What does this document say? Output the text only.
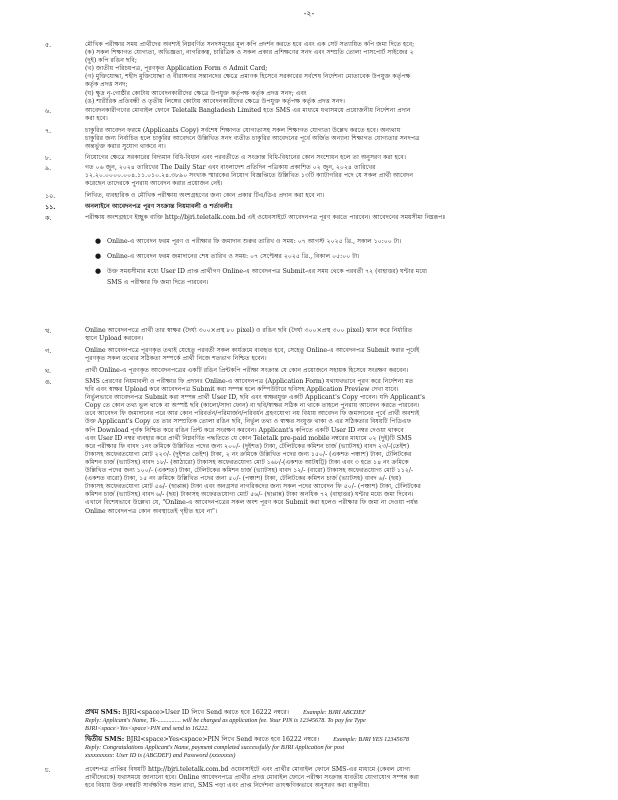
-২-
৫.	মৌখিক পরীক্ষার সময় প্রার্থীদের অবশ্যই নিম্নবর্ণিত সনদসমূহের মূল কপি প্রদর্শন করতে হবে এবং এক সেট সত্যায়িত কপি জমা দিতে হবে;
(ক) সকল শিক্ষাগত যোগ্যতা, অভিজ্ঞতা, নাগরিকত্ব, চারিত্রিক ও সকল প্রকার প্রশিক্ষণের সনদ এবং সম্প্রতি তোলা পাসপোর্ট সাইজের ২
(দুই) কপি রঙিন ছবি;
(খ) জাতীয় পরিচয়পত্র, পূরণকৃত Application Form ও Admit Card;
(গ) মুক্তিযোদ্ধা, শহীদ মুক্তিযোদ্ধা ও বীরাঙ্গনার সন্তানদের ক্ষেত্রে প্রমাণক হিসেবে সরকারের সর্বশেষ নির্দেশনা মোতাবেক উপযুক্ত কর্তৃপক্ষ
কর্তৃক প্রদত্ত সনদ;
(ঘ) ক্ষুদ্র নৃ-গোষ্ঠীর কোটায় আবেদনকারীদের ক্ষেত্রে উপযুক্ত কর্তৃপক্ষ কর্তৃক প্রদত্ত সনদ; এবং
(ঙ) শারীরিক প্রতিবন্ধী ও তৃতীয় লিঙ্গের কোটায় আবেদনকারীদের ক্ষেত্রে উপযুক্ত কর্তৃপক্ষ কর্তৃক প্রদত্ত সনদ।
৬.	আবেদনকারীগণের মোবাইল ফোনে Teletalk Bangladesh Limited হতে SMS এর মাধ্যমে যথাসময়ে প্রয়োজনীয় নির্দেশনা প্রদান
করা হবে।
৭.	চাকুরির আবেদন ফরমে (Applicants Copy) সর্বশেষ শিক্ষাগত যোগ্যতাসহ সকল শিক্ষাগত যোগ্যতা উল্লেখ করতে হবে। অন্যথায়
চাকুরির জন্য নির্বাচিত হলে চাকুরির আবেদনে উল্লিখিত সনদ ব্যতীত চাকুরির আবেদনের পূর্বে অর্জিত অন্যান্য শিক্ষাগত যোগ্যতার সনদপত্র
অন্তর্ভুক্ত করার সুযোগ থাকবে না।
৮.	নিয়োগের ক্ষেত্রে সরকারের বিদ্যমান বিধি-বিধান এবং পরবর্তীতে এ সংক্রান্ত বিধি-বিধানের কোন সংশোধন হলে তা অনুসরণ করা হবে।
৯.	গত ০৬ জুন, ২০২৪ তারিখের The Daily Star এবং বাংলাদেশ প্রতিদিন পত্রিকায় প্রকাশিত ০২ জুন, ২০২৪ তারিখের
১২.২০.০০০০.০০৪.১১.০১০.২৪.৩৮৯০ সংখ্যক স্মারকের নিয়োগ বিজ্ঞপ্তিতে উল্লিখিত ১৩টি ক্যাটাগরির পদে যে সকল প্রার্থী আবেদন
করেছেন তাদেরকে পুনরায় আবেদন করার প্রয়োজন নেই।
১০.	লিখিত, ব্যবহারিক ও মৌখিক পরীক্ষায় অংশগ্রহণের জন্য কোন প্রকার টিএ/ডিএ প্রদান করা হবে না।
১১.	অনলাইনে আবেদনপত্র পূরণ সংক্রান্ত নিয়মাবলী ও শর্তাবলীঃ
ক.	পরীক্ষায় অংশগ্রহণে ইচ্ছুক ব্যক্তি http://bjri.teletalk.com.bd এই ওয়েবসাইটে আবেদনপত্র পূরণ করতে পারবেন। আবেদনের সময়সীমা নিম্নরূপঃ
খ.	Online আবেদনপত্রে প্রার্থী তার স্বাক্ষর (দৈর্ঘ্য ৩০০×প্রস্থ ৮০ pixel) ও রঙিন ছবি (দৈর্ঘ্য ৩০০×প্রস্থ ৩০০ pixel) স্ক্যান করে নির্ধারিত
স্থানে Upload করবেন।
গ.	Online আবেদনপত্রে পূরণকৃত তথ্যই যেহেতু পরবর্তী সকল কার্যক্রমে ব্যবহৃত হবে, সেহেতু Online-এ আবেদনপত্র Submit করার পূর্বেই
পূরণকৃত সকল তথ্যের সঠিকতা সম্পর্কে প্রার্থী নিজে শতভাগ নিশ্চিত হবেন।
ঘ.	প্রার্থী Online-এ পূরণকৃত আবেদনপত্রের একটি রঙিন প্রিন্টকপি পরীক্ষা সংক্রান্ত যে কোন প্রয়োজনে সহায়ক হিসেবে সংরক্ষণ করবেন।
ঙ.	SMS প্রেরণের নিয়মাবলী ও পরীক্ষার ফি প্রদানঃ Online-এ আবেদনপত্র (Application Form) যথাযথভাবে পূরণ করে নির্দেশনা মত
ছবি এবং স্বাক্ষর Upload করে আবেদনপত্র Submit করা সম্পন্ন হলে কম্পিউটারে ছবিসহ Application Preview দেখা যাবে।
নির্ভুলভাবে আবেদনপত্র Submit করা সম্পন্ন প্রার্থী User ID, ছবি এবং স্বাক্ষরযুক্ত একটি Applicant's Copy পাবেন। যদি Applicant's
Copy তে কোন তথ্য ভুল থাকে বা অস্পষ্ট ছবি (কালো/সাদা ফোন) বা ছবি/স্বাক্ষর সঠিক না থাকে তাহলে পুনরায় আবেদন করতে পারবেন।
তবে আবেদন ফি জমাদানের পরে আর কোন পরিবর্তন/পরিমার্জন/পরিবর্ধন গ্রহণযোগ্য নয় বিধায় আবেদন ফি জমাদানের পূর্বে প্রার্থী অবশ্যই
উক্ত Applicant's Copy তে তার সাম্প্রতিক তোলা রঙিন ছবি, নির্ভুল তথ্য ও স্বাক্ষর সংযুক্ত থাকা ও এর সঠিকতার বিষয়টি পিডিএফ
কপি Download পূর্বক নিশ্চিত করে রঙিন প্রিন্ট করে সংরক্ষণ করবেন। Applicant's কপিতে একটি User ID নম্বর দেওয়া থাকবে
এবং User ID নম্বর ব্যবহার করে প্রার্থী নিম্নবর্ণিত পদ্ধতিতে যে কোন Teletalk pre-paid mobile নম্বরের মাধ্যমে ০২ (দুই)টি SMS
করে পরীক্ষার ফি বাবদ ১নং ক্রমিকে উল্লিখিত পদের জন্য ২০০/- (দুইশত) টাকা, টেলিটকের কমিশন চার্জ (ভ্যাটসহ) বাবদ ২৩/-(তেইশ)
টাকাসহ অফেরতযোগ্য মোট ২২৩/- (দুইশত তেইশ) টাকা, ২ নং ক্রমিকে উল্লিখিত পদের জন্য ১৫০/- (একশত পঞ্চাশ) টাকা, টেলিটকের
কমিশন চার্জ (ভ্যাটসহ) বাবদ ১৮/- (আঠারো) টাকাসহ অফেরতযোগ্য মোট ১৬৮/-(একশত আটষট্টি) টাকা এবং ৩ হতে ১৪ নং ক্রমিকে
উল্লিখিত পদের জন্য ১০০/- (একশত) টাকা, টেলিটকের কমিশন চার্জ (ভ্যাটসহ) বাবদ ১২/- (বারো) টাকাসহ অফেরতযোগ্য মোট ১১২/-
(একশত বারো) টাকা, ১৫ নং ক্রমিকে উল্লিখিত পদের জন্য ৫০/- (পঞ্চাশ) টাকা, টেলিটকের কমিশন চার্জ (ভ্যাটসহ) বাবদ ৬/- (ছয়)
টাকাসহ অফেরতযোগ্য মোট ৫৬/- (ছাপ্পান্ন) টাকা এবং অনগ্রসর নাগরিকদের জন্য সকল পদের আবেদন ফি ৫০/- (পঞ্চাশ) টাকা, টেলিটকের
কমিশন চার্জ (ভ্যাটসহ) বাবদ ৬/- (ছয়) টাকাসহ অফেরতযোগ্য মোট ৫৬/- (ছাপ্পান্ন) টাকা অনধিক ৭২ (বাহাত্তর) ঘন্টার মধ্যে জমা দিবেন।
এখানে বিশেষভাবে উল্লেখ্য যে, "Online-এ আবেদনপত্রের সকল অংশ পূরণ করে Submit করা হলেও পরীক্ষার ফি জমা না দেওয়া পর্যন্ত
Online আবেদনপত্র কোন অবস্থাতেই গৃহীত হবে না"।
চ.	প্রবেশপত্র প্রাপ্তির বিষয়টি http://bjri.teletalk.com.bd ওয়েবসাইটে এবং প্রার্থীর মোবাইল ফোনে SMS-এর মাধ্যমে (কেবল যোগ্য
প্রার্থীদেরকে) যথাসময়ে জানানো হবে। Online আবেদনপত্রে প্রার্থীর প্রদত্ত মোবাইল ফোনে পরীক্ষা সংক্রান্ত যাবতীয় যোগাযোগ সম্পন্ন করা
হবে বিধায় উক্ত নম্বরটি সার্বক্ষণিক সচল রাখা, SMS পড়া এবং প্রাপ্ত নির্দেশনা তাৎক্ষণিকভাবে অনুসরণ করা বাঞ্ছনীয়।
● Online-এ আবেদন ফরম পূরণ ও পরীক্ষার ফি জমাদান শুরুর তারিখ ও সময়: ০৭ আগস্ট ২০২৫ খ্রি., সকাল ১০:০০ টা।
● Online-এ আবেদন ফরম জমাদানের শেষ তারিখ ও সময়: ০৭ সেপ্টেম্বর ২০২৫ খ্রি., বিকাল ০৫:০০ টা।
● উক্ত সময়সীমার মধ্যে User ID প্রাপ্ত প্রার্থীগণ Online-এ আবেদনপত্র Submit-এর সময় থেকে পরবর্তী ৭২ (বাহাত্তর) ঘন্টার মধ্যে
SMS এ পরীক্ষার ফি জমা দিতে পারবেন।
প্রথম SMS: BJRI<space>User ID লিখে Send করতে হবে 16222 নম্বরে। Example: BJRI ABCDEF
Reply: Applicant's Name, Tk-............... will be charged as application fee. Your PIN is 12345678. To pay fee Type
BJRI<space>Yes<space>PIN and send to 16222.
দ্বিতীয় SMS: BJRI<space>Yes<space>PIN লিখে Send করতে হবে 16222 নম্বরে। Example: BJRI YES 12345678
Reply: Congratulations Applicant's Name, payment completed successfully for BJRI Application for post
xxxxxxxxxx: User ID is (ABCDEF) and Password (xxxxxxxx)
